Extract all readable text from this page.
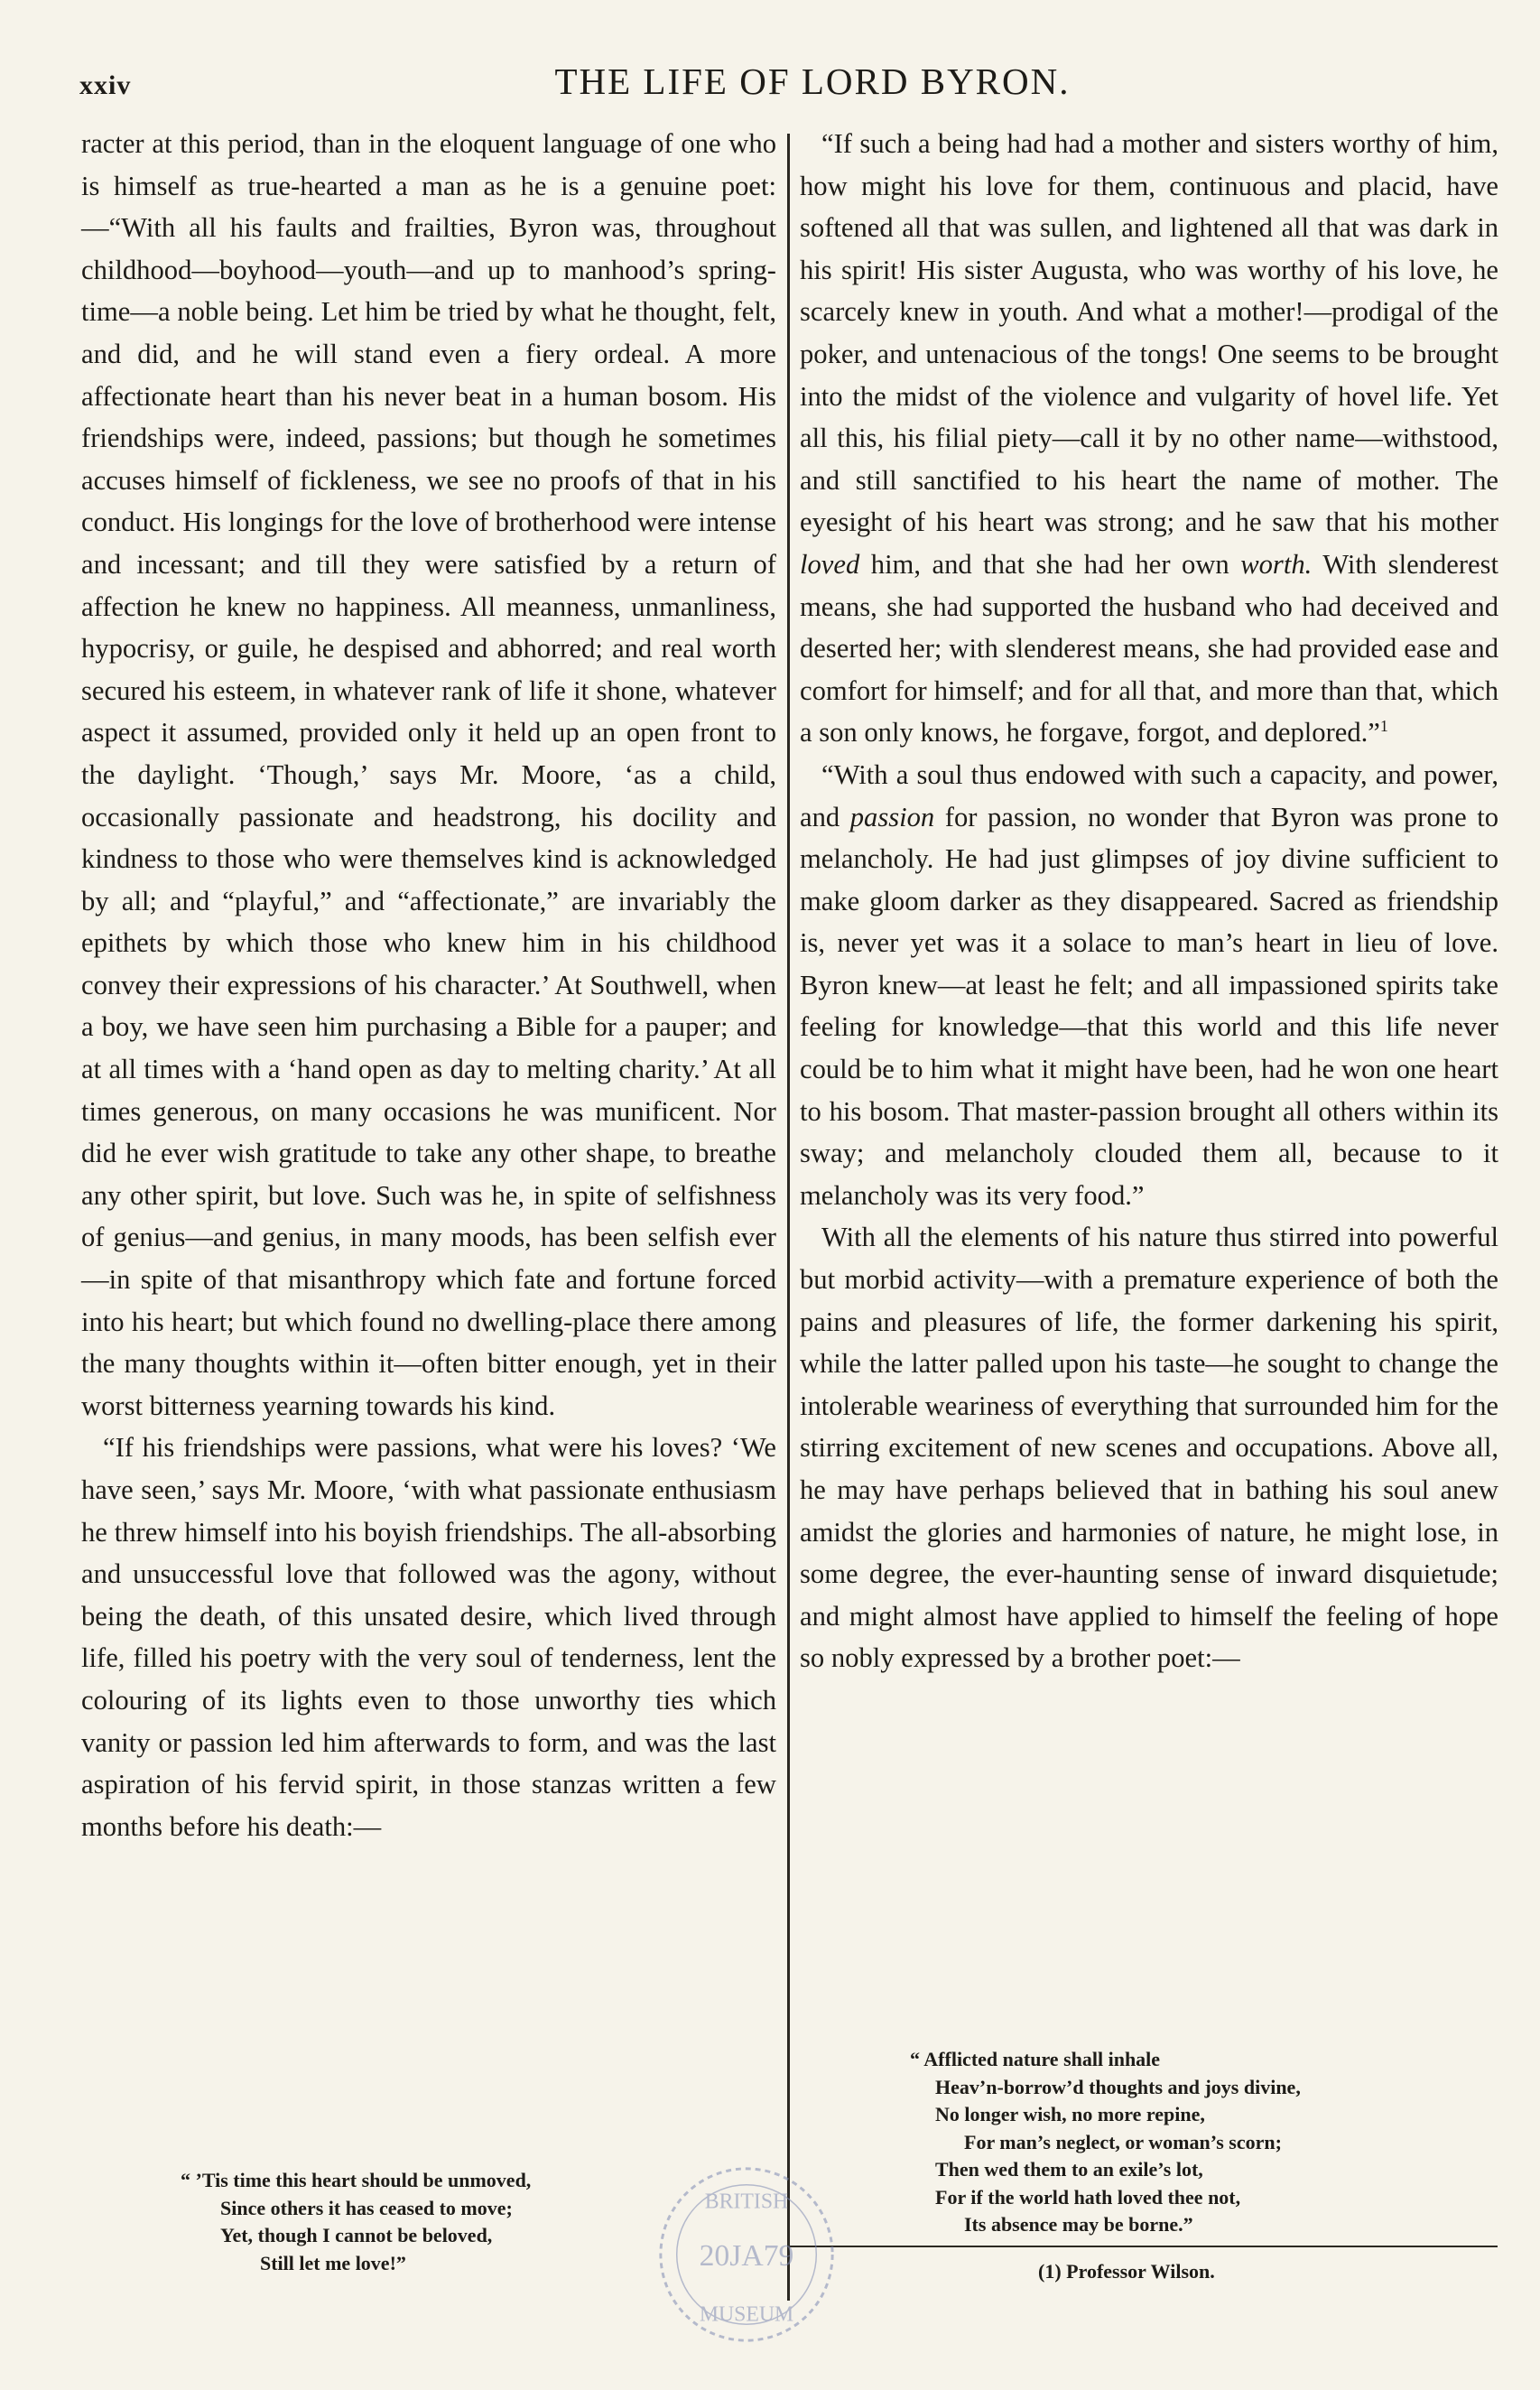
xxiv	THE LIFE OF LORD BYRON.

racter at this period, than in the eloquent language of one who is himself as true-hearted a man as he is a genuine poet:—“With all his faults and frailties, Byron was, throughout childhood—boyhood—youth—and up to manhood’s spring-time—a noble being. Let him be tried by what he thought, felt, and did, and he will stand even a fiery ordeal. A more affectionate heart than his never beat in a human bosom. His friendships were, indeed, passions; but though he sometimes accuses himself of fickleness, we see no proofs of that in his conduct. His longings for the love of brotherhood were intense and incessant; and till they were satisfied by a return of affection he knew no happiness. All meanness, unmanliness, hypocrisy, or guile, he despised and abhorred; and real worth secured his esteem, in whatever rank of life it shone, whatever aspect it assumed, provided only it held up an open front to the daylight. ‘Though,’ says Mr. Moore, ‘as a child, occasionally passionate and headstrong, his docility and kindness to those who were themselves kind is acknowledged by all; and “playful,” and “affectionate,” are invariably the epithets by which those who knew him in his childhood convey their expressions of his character.’ At Southwell, when a boy, we have seen him purchasing a Bible for a pauper; and at all times with a ‘hand open as day to melting charity.’ At all times generous, on many occasions he was munificent. Nor did he ever wish gratitude to take any other shape, to breathe any other spirit, but love. Such was he, in spite of selfishness of genius—and genius, in many moods, has been selfish ever—in spite of that misanthropy which fate and fortune forced into his heart; but which found no dwelling-place there among the many thoughts within it—often bitter enough, yet in their worst bitterness yearning towards his kind.

“If his friendships were passions, what were his loves? ‘We have seen,’ says Mr. Moore, ‘with what passionate enthusiasm he threw himself into his boyish friendships. The all-absorbing and unsuccessful love that followed was the agony, without being the death, of this unsated desire, which lived through life, filled his poetry with the very soul of tenderness, lent the colouring of its lights even to those unworthy ties which vanity or passion led him afterwards to form, and was the last aspiration of his fervid spirit, in those stanzas written a few months before his death:—

“ ’Tis time this heart should be unmoved,
Since others it has ceased to move;
Yet, though I cannot be beloved,
Still let me love!”

“If such a being had had a mother and sisters worthy of him, how might his love for them, continuous and placid, have softened all that was sullen, and lightened all that was dark in his spirit! His sister Augusta, who was worthy of his love, he scarcely knew in youth. And what a mother!—prodigal of the poker, and untenacious of the tongs! One seems to be brought into the midst of the violence and vulgarity of hovel life. Yet all this, his filial piety—call it by no other name—withstood, and still sanctified to his heart the name of mother. The eyesight of his heart was strong; and he saw that his mother loved him, and that she had her own worth. With slenderest means, she had supported the husband who had deceived and deserted her; with slenderest means, she had provided ease and comfort for himself; and for all that, and more than that, which a son only knows, he forgave, forgot, and deplored.”$^1$

“With a soul thus endowed with such a capacity, and power, and passion for passion, no wonder that Byron was prone to melancholy. He had just glimpses of joy divine sufficient to make gloom darker as they disappeared. Sacred as friendship is, never yet was it a solace to man’s heart in lieu of love. Byron knew—at least he felt; and all impassioned spirits take feeling for knowledge—that this world and this life never could be to him what it might have been, had he won one heart to his bosom. That master-passion brought all others within its sway; and melancholy clouded them all, because to it melancholy was its very food.”

With all the elements of his nature thus stirred into powerful but morbid activity—with a premature experience of both the pains and pleasures of life, the former darkening his spirit, while the latter palled upon his taste—he sought to change the intolerable weariness of everything that surrounded him for the stirring excitement of new scenes and occupations. Above all, he may have perhaps believed that in bathing his soul anew amidst the glories and harmonies of nature, he might lose, in some degree, the ever-haunting sense of inward disquietude; and might almost have applied to himself the feeling of hope so nobly expressed by a brother poet:—

“ Afflicted nature shall inhale
Heav’n-borrow’d thoughts and joys divine,
No longer wish, no more repine,
For man’s neglect, or woman’s scorn;
Then wed them to an exile’s lot,
For if the world hath loved thee not,
Its absence may be borne.”
(1) Professor Wilson.
BRITISH
20JA79
MUSEUM
